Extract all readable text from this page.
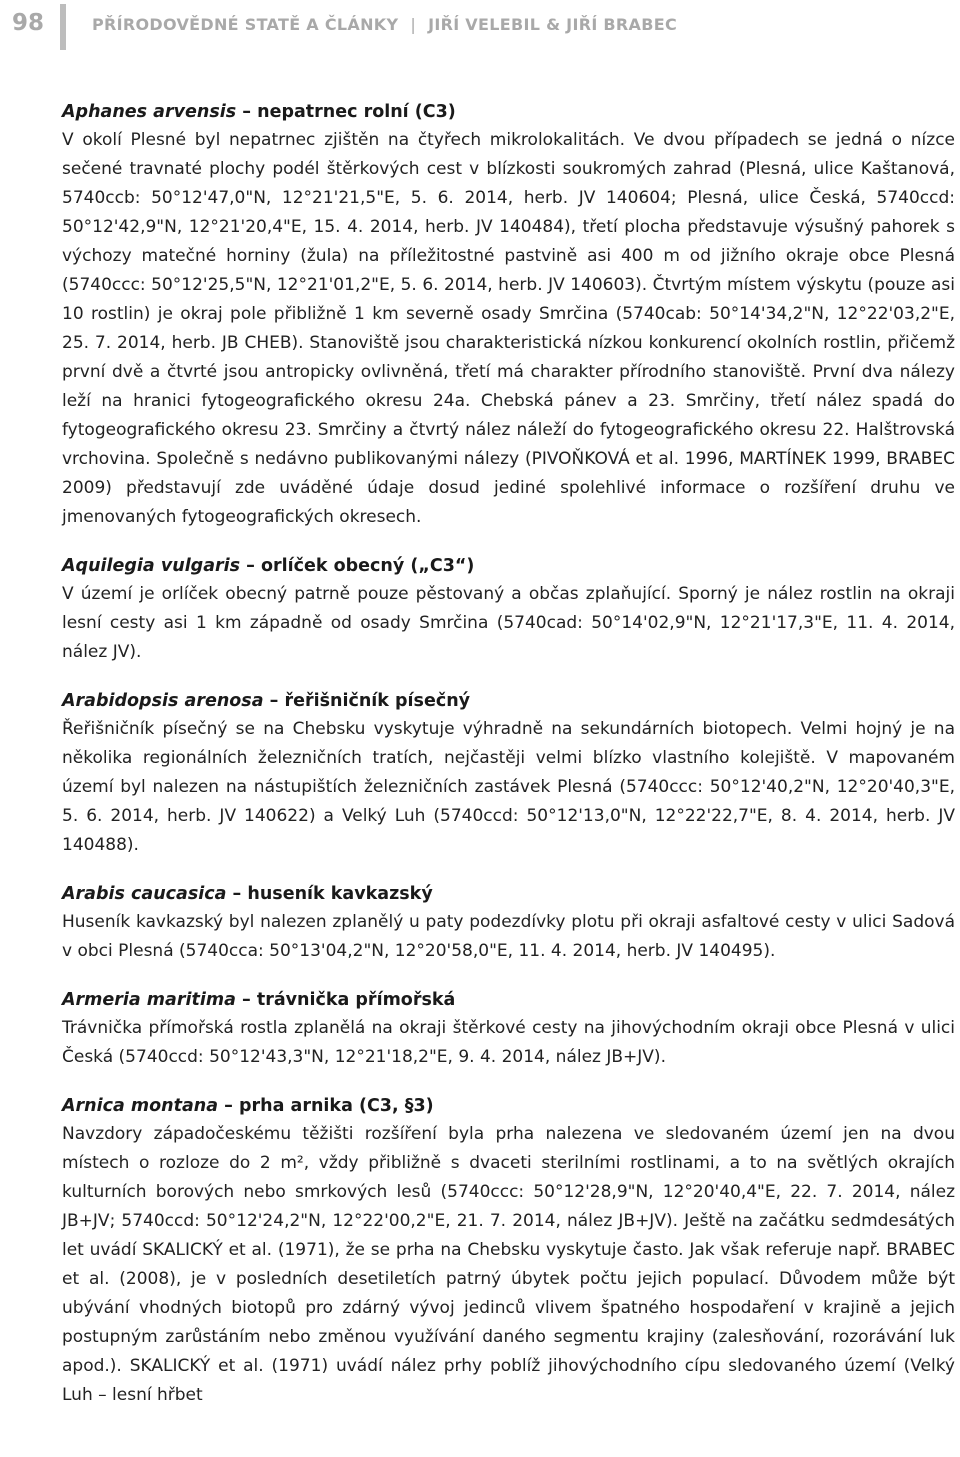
98	PŘÍRODOVĚDNÉ STATĚ A ČLÁNKY | JIŘÍ VELEBIL & JIŘÍ BRABEC
Aphanes arvensis – nepatrnec rolní (C3)

V okolí Plesné byl nepatrnec zjištěn na čtyřech mikrolokalitách. Ve dvou případech se jedná o nízce sečené travnaté plochy podél štěrkových cest v blízkosti soukromých zahrad (Plesná, ulice Kaštanová, 5740ccb: 50°12'47,0"N, 12°21'21,5"E, 5. 6. 2014, herb. JV 140604; Plesná, ulice Česká, 5740ccd: 50°12'42,9"N, 12°21'20,4"E, 15. 4. 2014, herb. JV 140484), třetí plocha představuje výsušný pahorek s výchozy matečné horniny (žula) na příležitostné pastvině asi 400 m od jižního okraje obce Plesná (5740ccc: 50°12'25,5"N, 12°21'01,2"E, 5. 6. 2014, herb. JV 140603). Čtvrtým místem výskytu (pouze asi 10 rostlin) je okraj pole přibližně 1 km severně osady Smrčina (5740cab: 50°14'34,2"N, 12°22'03,2"E, 25. 7. 2014, herb. JB CHEB). Stanoviště jsou charakteristická nízkou konkurencí okolních rostlin, přičemž první dvě a čtvrté jsou antropicky ovlivněná, třetí má charakter přírodního stanoviště. První dva nálezy leží na hranici fytogeografického okresu 24a. Chebská pánev a 23. Smrčiny, třetí nález spadá do fytogeografického okresu 23. Smrčiny a čtvrtý nález náleží do fytogeografického okresu 22. Halštrovská vrchovina. Společně s nedávno publikovanými nálezy (PIVOŇKOVÁ et al. 1996, MARTÍNEK 1999, BRABEC 2009) představují zde uváděné údaje dosud jediné spolehlivé informace o rozšíření druhu ve jmenovaných fytogeografických okresech.

Aquilegia vulgaris – orlíček obecný („C3“)

V území je orlíček obecný patrně pouze pěstovaný a občas zplaňující. Sporný je nález rostlin na okraji lesní cesty asi 1 km západně od osady Smrčina (5740cad: 50°14'02,9"N, 12°21'17,3"E, 11. 4. 2014, nález JV).

Arabidopsis arenosa – řeřišničník písečný

Řeřišničník písečný se na Chebsku vyskytuje výhradně na sekundárních biotopech. Velmi hojný je na několika regionálních železničních tratích, nejčastěji velmi blízko vlastního kolejiště. V mapovaném území byl nalezen na nástupištích železničních zastávek Plesná (5740ccc: 50°12'40,2"N, 12°20'40,3"E, 5. 6. 2014, herb. JV 140622) a Velký Luh (5740ccd: 50°12'13,0"N, 12°22'22,7"E, 8. 4. 2014, herb. JV 140488).

Arabis caucasica – huseník kavkazský

Huseník kavkazský byl nalezen zplanělý u paty podezdívky plotu při okraji asfaltové cesty v ulici Sadová v obci Plesná (5740cca: 50°13'04,2"N, 12°20'58,0"E, 11. 4. 2014, herb. JV 140495).

Armeria maritima – trávnička přímořská

Trávnička přímořská rostla zplanělá na okraji štěrkové cesty na jihovýchodním okraji obce Plesná v ulici Česká (5740ccd: 50°12'43,3"N, 12°21'18,2"E, 9. 4. 2014, nález JB+JV).

Arnica montana – prha arnika (C3, §3)

Navzdory západočeskému těžišti rozšíření byla prha nalezena ve sledovaném území jen na dvou místech o rozloze do 2 m², vždy přibližně s dvaceti sterilními rostlinami, a to na světlých okrajích kulturních borových nebo smrkových lesů (5740ccc: 50°12'28,9"N, 12°20'40,4"E, 22. 7. 2014, nález JB+JV; 5740ccd: 50°12'24,2"N, 12°22'00,2"E, 21. 7. 2014, nález JB+JV). Ještě na začátku sedmdesátých let uvádí SKALICKÝ et al. (1971), že se prha na Chebsku vyskytuje často. Jak však referuje např. BRABEC et al. (2008), je v posledních desetiletích patrný úbytek počtu jejich populací. Důvodem může být ubývání vhodných biotopů pro zdárný vývoj jedinců vlivem špatného hospodaření v krajině a jejich postupným zarůstáním nebo změnou využívání daného segmentu krajiny (zalesňování, rozorávání luk apod.). SKALICKÝ et al. (1971) uvádí nález prhy poblíž jihovýchodního cípu sledovaného území (Velký Luh – lesní hřbet
